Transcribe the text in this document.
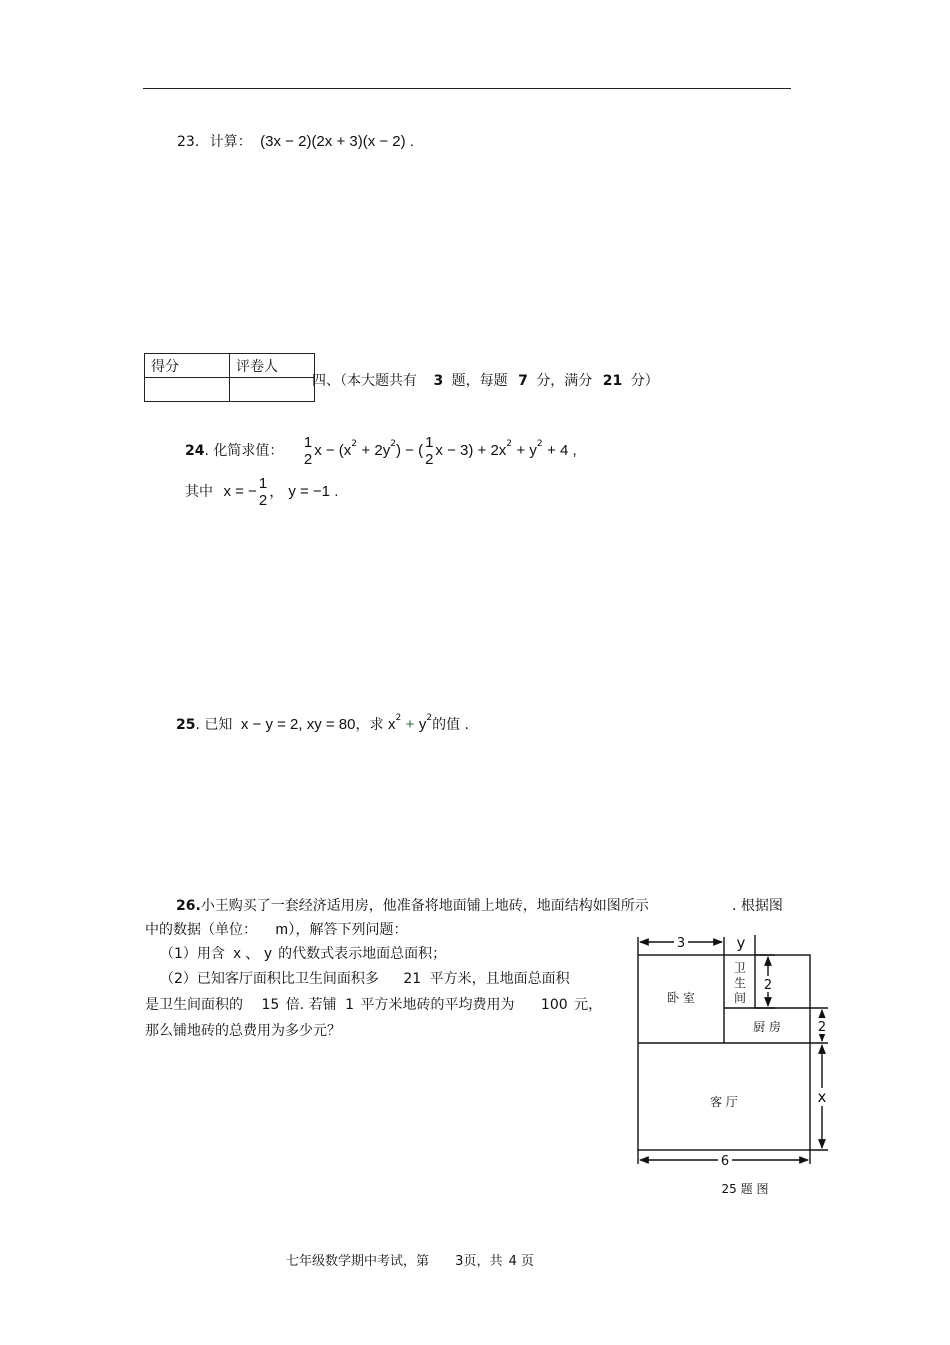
23. 计算： (3x − 2)(2x + 3)(x − 2) .
得分	评卷人

四、（本大题共有 3 题，每题 7 分，满分 21 分）
24. 化简求值：
1
2
$x - (x^2 + 2y^2)$ − ( 1
2
$x - 3) + 2x^2 + y^2 + 4$ ,
其中 x = − 1
2
， y = −1 .
25. 已知 x − y = 2, xy = 80，求 $x^2 + y^2$的值 .
26.小王购买了一套经济适用房，他准备将地面铺上地砖，地面结构如图所示	. 根据图
中的数据（单位： m），解答下列问题：
（1）用含 x 、 y 的代数式表示地面总面积；
（2）已知客厅面积比卫生间面积多 21 平方米，且地面总面积
是卫生间面积的 15 倍. 若铺 1 平方米地砖的平均费用为 100 元，
那么铺地砖的总费用为多少元？
3	y
卫
生
间
2
卧 室
厨 房	2
客 厅	x
6
25 题 图
七年级数学期中考试，第 3页，共 4 页
